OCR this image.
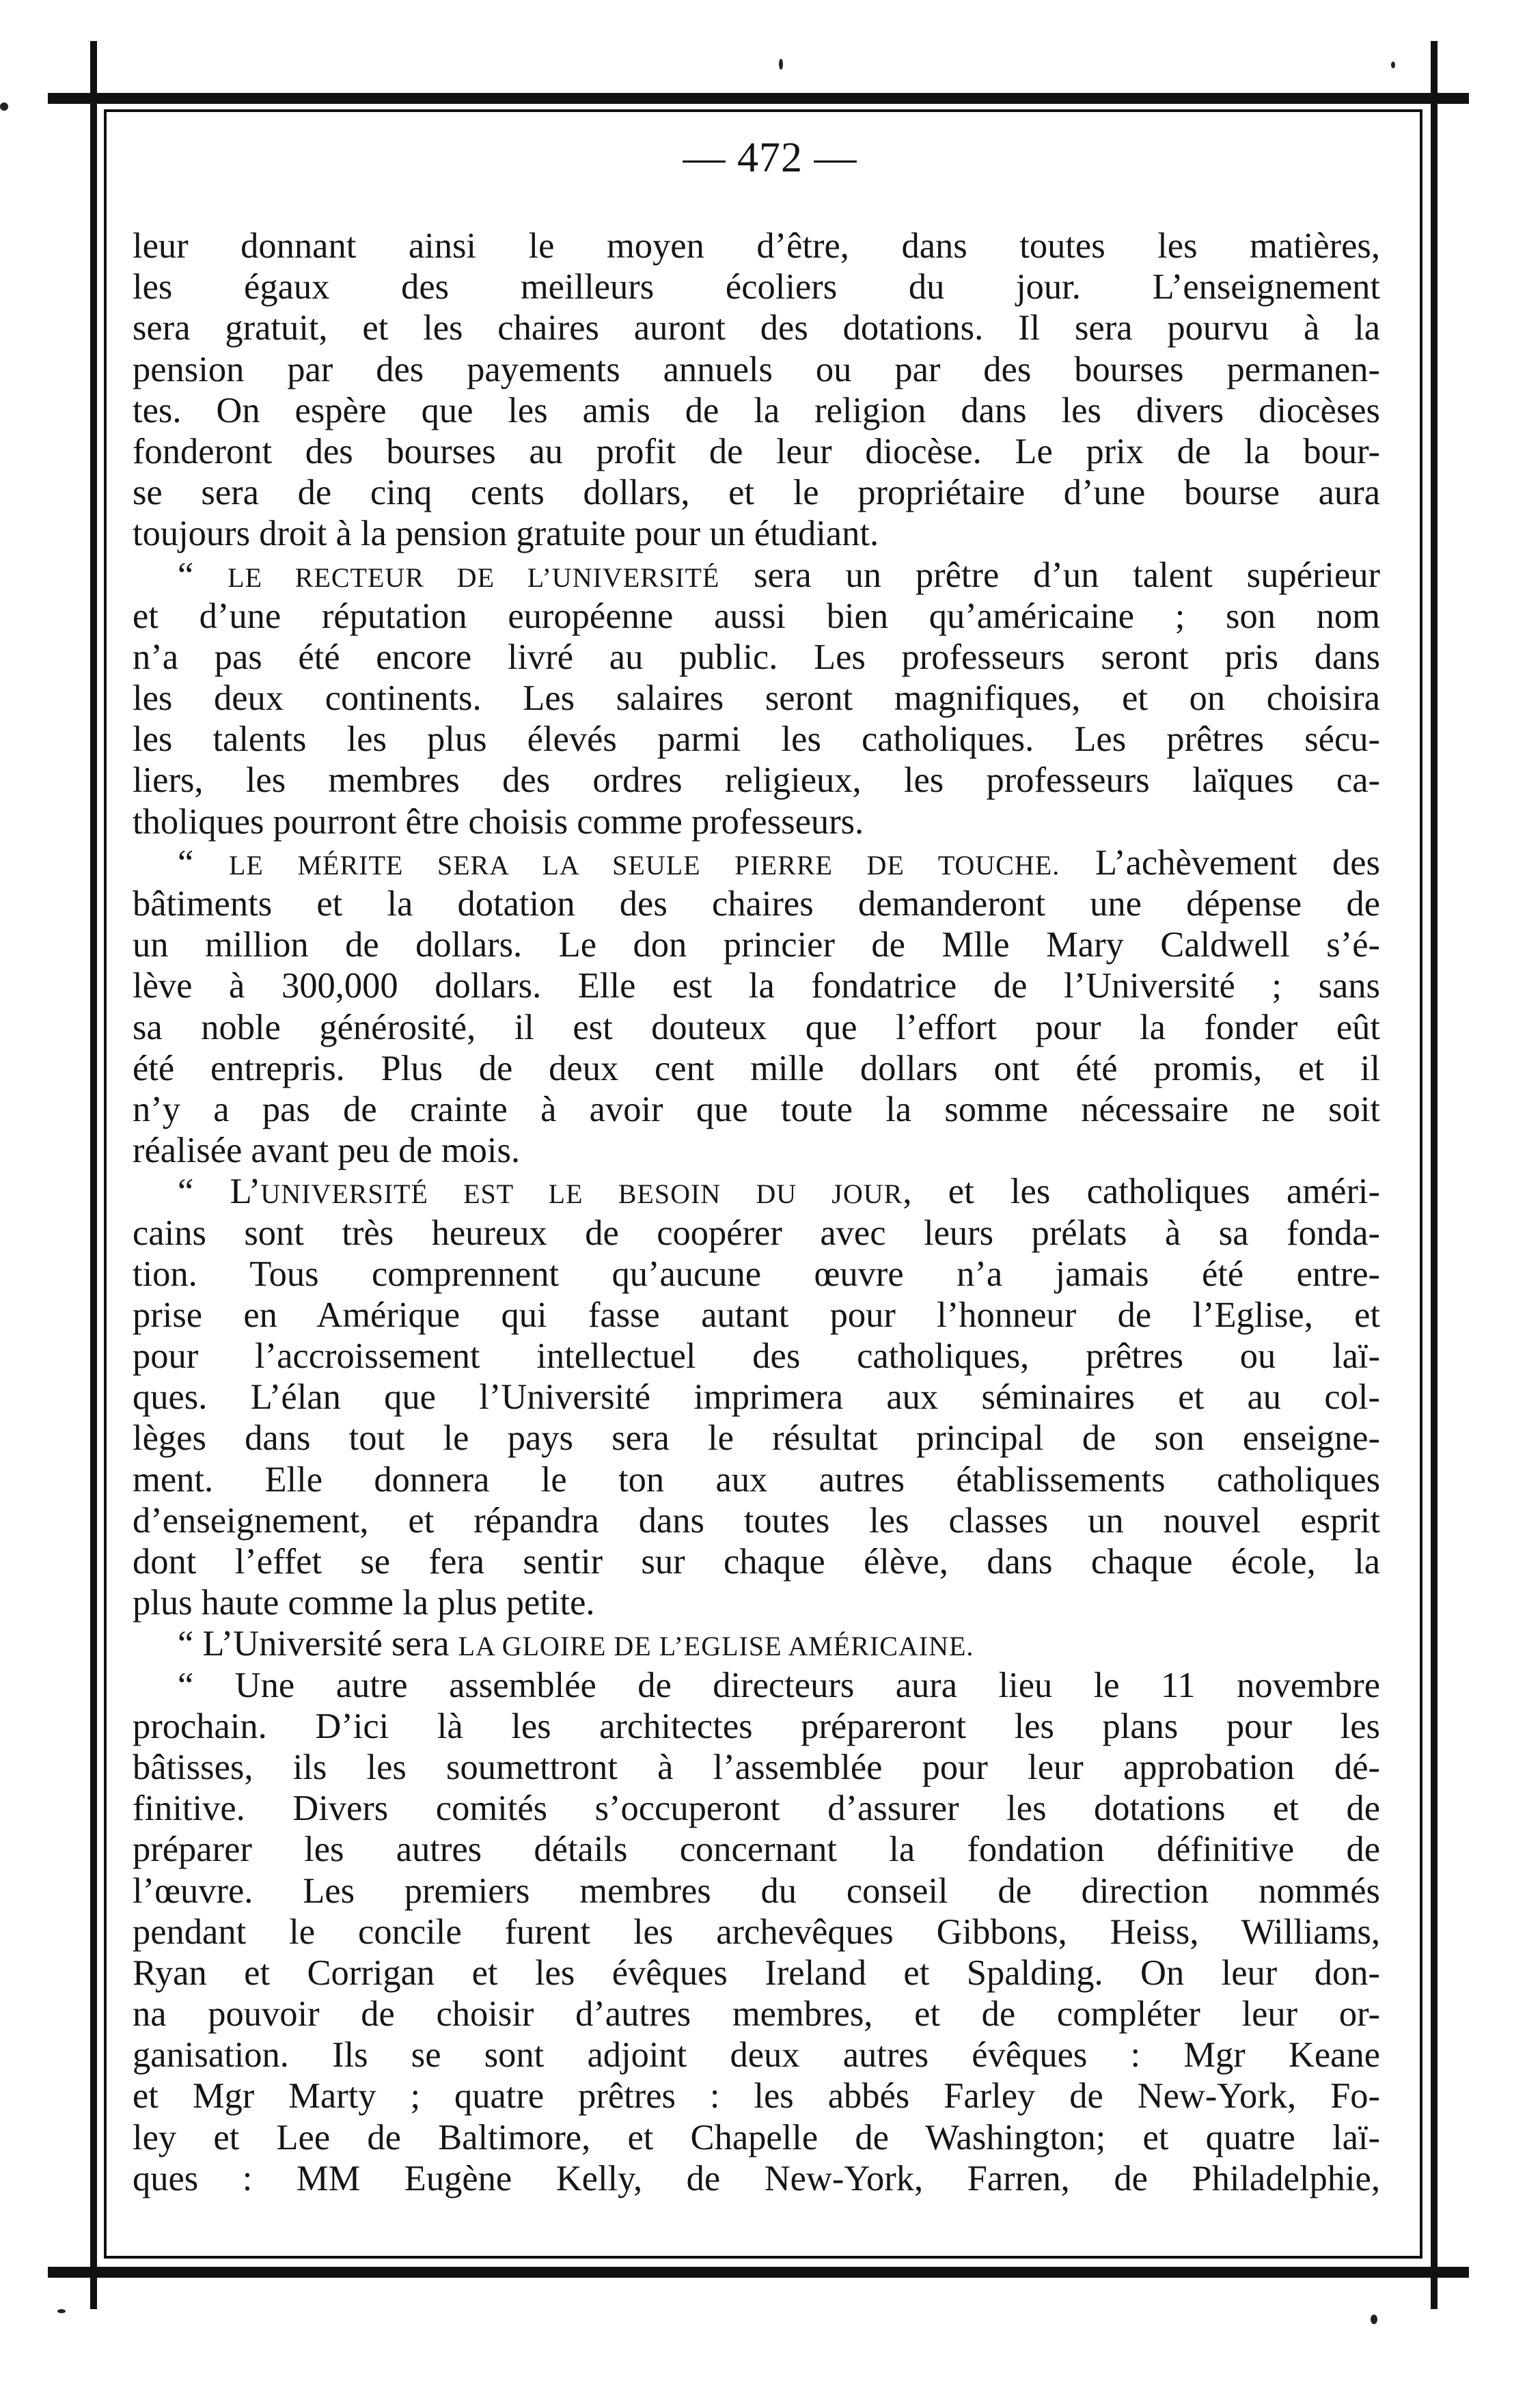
— 472 —
leur donnant ainsi le moyen d’être, dans toutes les matières,
les égaux des meilleurs écoliers du jour. L’enseignement
sera gratuit, et les chaires auront des dotations. Il sera pourvu à la
pension par des payements annuels ou par des bourses permanen-
tes. On espère que les amis de la religion dans les divers diocèses
fonderont des bourses au profit de leur diocèse. Le prix de la bour-
se sera de cinq cents dollars, et le propriétaire d’une bourse aura
toujours droit à la pension gratuite pour un étudiant.
“ LE RECTEUR DE L’UNIVERSITÉ sera un prêtre d’un talent supérieur
et d’une réputation européenne aussi bien qu’américaine ; son nom
n’a pas été encore livré au public. Les professeurs seront pris dans
les deux continents. Les salaires seront magnifiques, et on choisira
les talents les plus élevés parmi les catholiques. Les prêtres sécu-
liers, les membres des ordres religieux, les professeurs laïques ca-
tholiques pourront être choisis comme professeurs.
“ LE MÉRITE SERA LA SEULE PIERRE DE TOUCHE. L’achèvement des
bâtiments et la dotation des chaires demanderont une dépense de
un million de dollars. Le don princier de Mlle Mary Caldwell s’é-
lève à 300,000 dollars. Elle est la fondatrice de l’Université ; sans
sa noble générosité, il est douteux que l’effort pour la fonder eût
été entrepris. Plus de deux cent mille dollars ont été promis, et il
n’y a pas de crainte à avoir que toute la somme nécessaire ne soit
réalisée avant peu de mois.
“ L’UNIVERSITÉ EST LE BESOIN DU JOUR, et les catholiques améri-
cains sont très heureux de coopérer avec leurs prélats à sa fonda-
tion. Tous comprennent qu’aucune œuvre n’a jamais été entre-
prise en Amérique qui fasse autant pour l’honneur de l’Eglise, et
pour l’accroissement intellectuel des catholiques, prêtres ou laï-
ques. L’élan que l’Université imprimera aux séminaires et au col-
lèges dans tout le pays sera le résultat principal de son enseigne-
ment. Elle donnera le ton aux autres établissements catholiques
d’enseignement, et répandra dans toutes les classes un nouvel esprit
dont l’effet se fera sentir sur chaque élève, dans chaque école, la
plus haute comme la plus petite.
“ L’Université sera LA GLOIRE DE L’EGLISE AMÉRICAINE.
“ Une autre assemblée de directeurs aura lieu le 11 novembre
prochain. D’ici là les architectes prépareront les plans pour les
bâtisses, ils les soumettront à l’assemblée pour leur approbation dé-
finitive. Divers comités s’occuperont d’assurer les dotations et de
préparer les autres détails concernant la fondation définitive de
l’œuvre. Les premiers membres du conseil de direction nommés
pendant le concile furent les archevêques Gibbons, Heiss, Williams,
Ryan et Corrigan et les évêques Ireland et Spalding. On leur don-
na pouvoir de choisir d’autres membres, et de compléter leur or-
ganisation. Ils se sont adjoint deux autres évêques : Mgr Keane
et Mgr Marty ; quatre prêtres : les abbés Farley de New-York, Fo-
ley et Lee de Baltimore, et Chapelle de Washington; et quatre laï-
ques : MM Eugène Kelly, de New-York, Farren, de Philadelphie,
